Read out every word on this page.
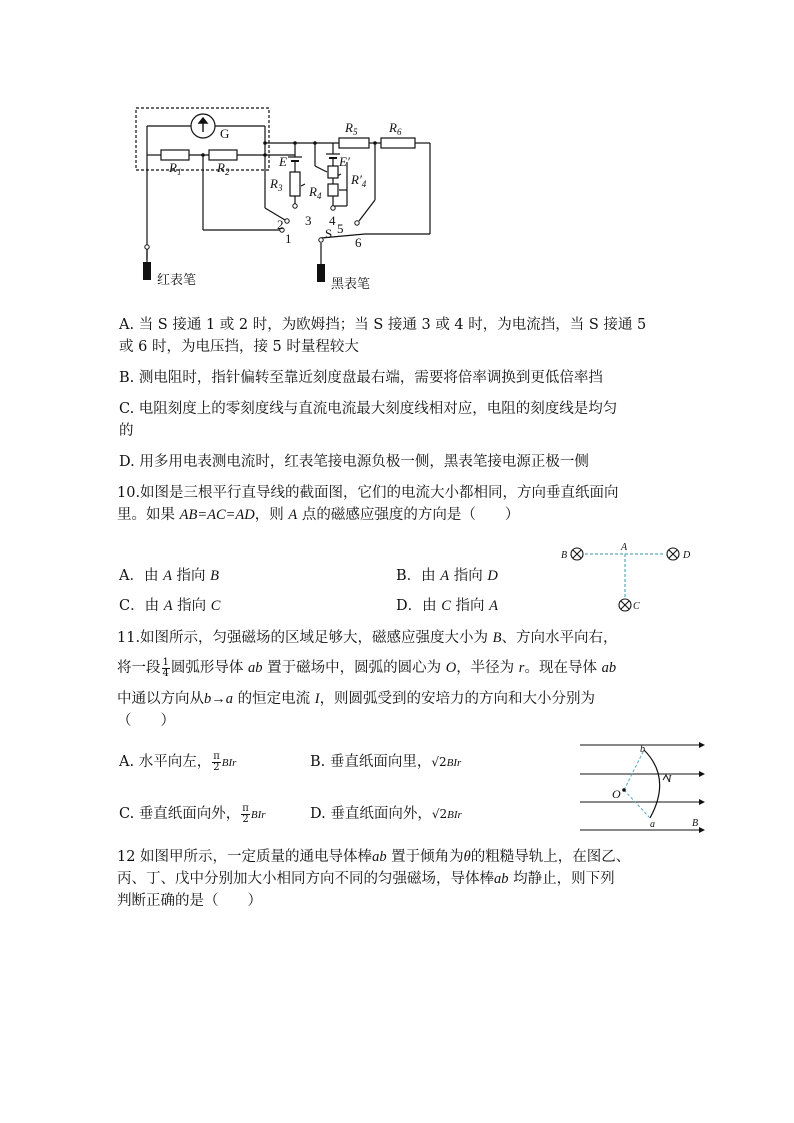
G
$R_1$	$R_2$
$R_5$ $R_6$
E	E′
$R_3$ $R_4$
$R'_4$
2
1
3 4
5
6
S
红表笔	黑表笔
A. 当 S 接通 1 或 2 时，为欧姆挡；当 S 接通 3 或 4 时，为电流挡，当 S 接通 5
或 6 时，为电压挡，接 5 时量程较大
B. 测电阻时，指针偏转至靠近刻度盘最右端，需要将倍率调换到更低倍率挡
C. 电阻刻度上的零刻度线与直流电流最大刻度线相对应，电阻的刻度线是均匀
的
D. 用多用电表测电流时，红表笔接电源负极一侧，黑表笔接电源正极一侧
10.如图是三根平行直导线的截面图，它们的电流大小都相同，方向垂直纸面向
里。如果 AB=AC=AD，则 A 点的磁感应强度的方向是（　　）
A．由 A 指向 B	B．由 A 指向 D
C．由 A 指向 C	D．由 C 指向 A
B
A
D
C
11.如图所示，匀强磁场的区域足够大，磁感应强度大小为 B、方向水平向右，
将一段 $\frac{1}{4}$ 圆弧形导体 ab 置于磁场中，圆弧的圆心为 O，半径为 r。现在导体 ab
中通以方向从b→a 的恒定电流 I，则圆弧受到的安培力的方向和大小分别为
（　　）
A. 水平向左， $\frac{\pi}{2}$ BIr	B. 垂直纸面向里，√2BIr
C. 垂直纸面向外， $\frac{\pi}{2}$ BIr	D. 垂直纸面向外，√2BIr
b
a
O
I
B
12 如图甲所示，一定质量的通电导体棒ab 置于倾角为θ的粗糙导轨上，在图乙、
丙、丁、戊中分别加大小相同方向不同的匀强磁场，导体棒ab 均静止，则下列
判断正确的是（　　）
